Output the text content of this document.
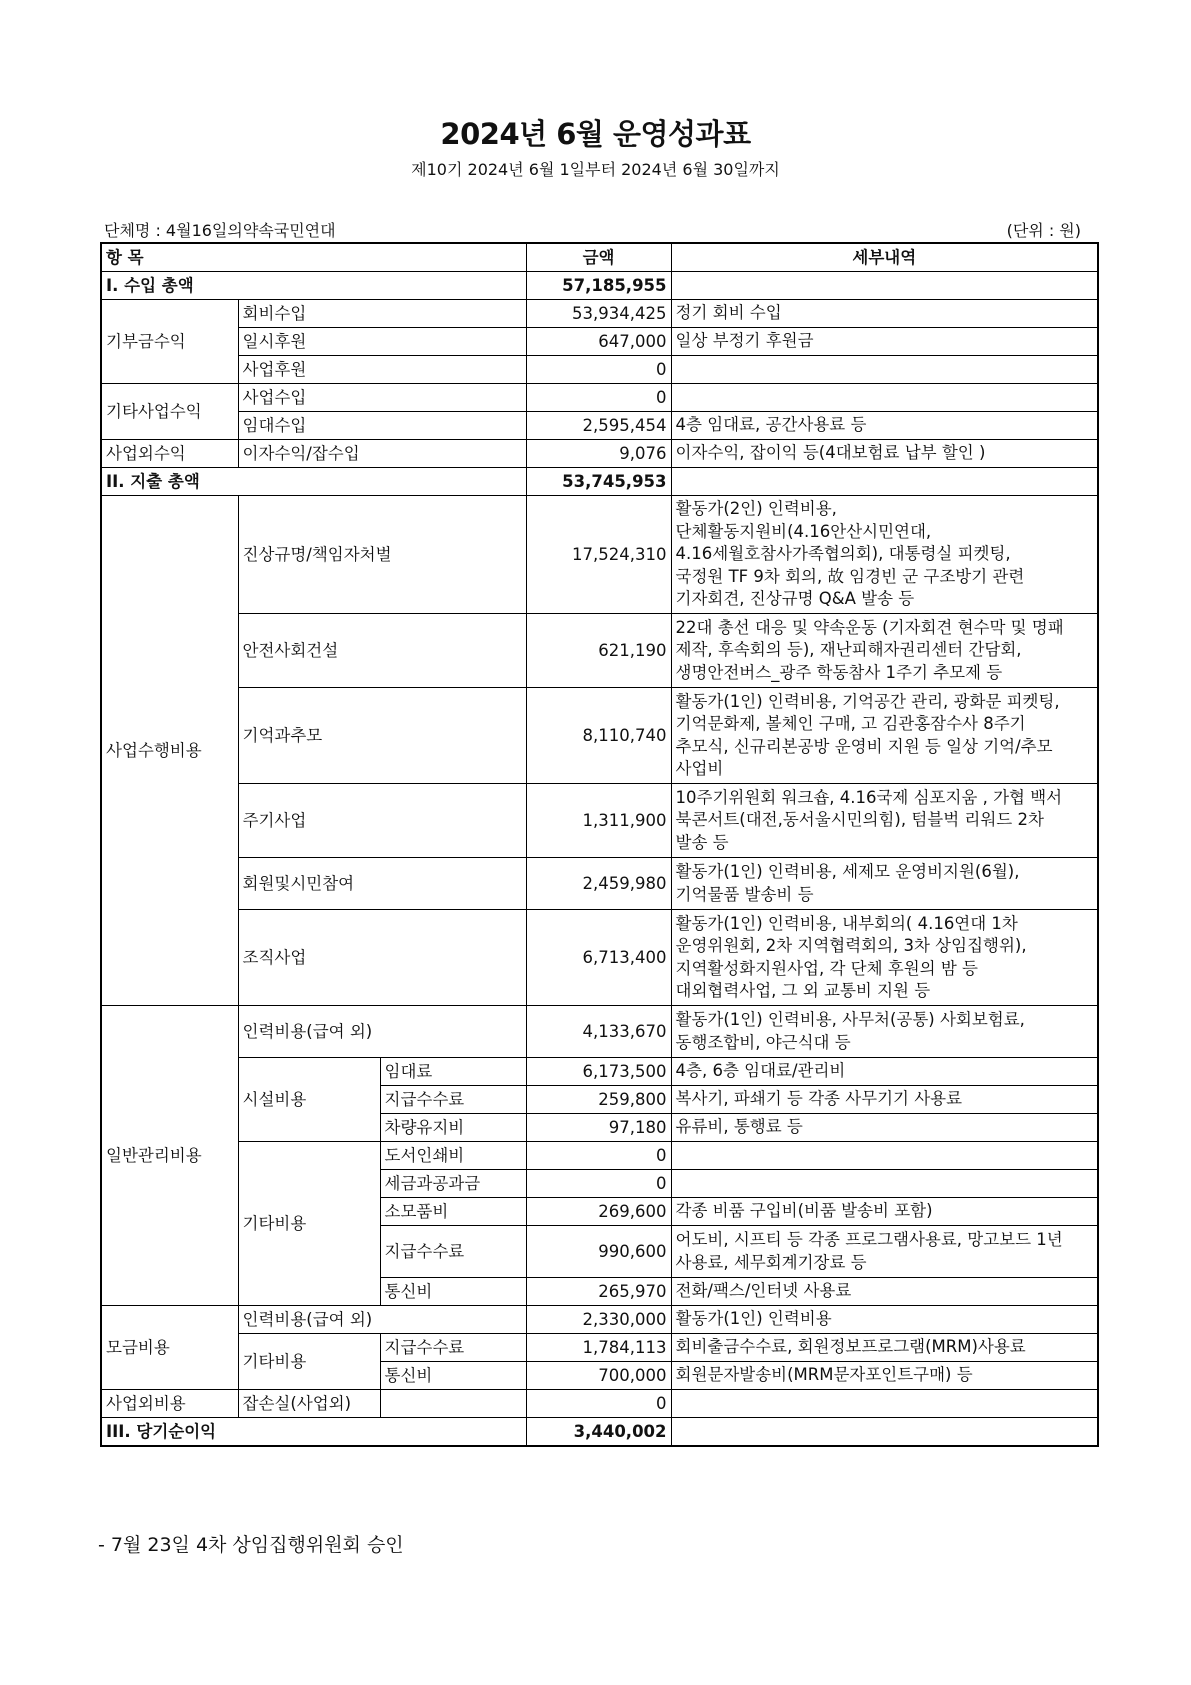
2024년 6월 운영성과표
제10기 2024년 6월 1일부터 2024년 6월 30일까지
단체명 : 4월16일의약속국민연대	(단위 : 원)
항 목			금액	세부내역
I. 수입 총액			57,185,955	
기부금수익	회비수입		53,934,425	정기 회비 수입
	일시후원		647,000	일상 부정기 후원금
	사업후원		0	
기타사업수익	사업수입		0	
	임대수입		2,595,454	4층 임대료, 공간사용료 등
사업외수익	이자수익/잡수입		9,076	이자수익, 잡이익 등(4대보험료 납부 할인 )
II. 지출 총액			53,745,953	
사업수행비용	진상규명/책임자처벌		17,524,310	활동가(2인) 인력비용,
단체활동지원비(4.16안산시민연대,
4.16세월호참사가족협의회), 대통령실 피켓팅,
국정원 TF 9차 회의, 故 임경빈 군 구조방기 관련
기자회견, 진상규명 Q&A 발송 등
	안전사회건설		621,190	22대 총선 대응 및 약속운동 (기자회견 현수막 및 명패
제작, 후속회의 등), 재난피해자권리센터 간담회,
생명안전버스_광주 학동참사 1주기 추모제 등
	기억과추모		8,110,740	활동가(1인) 인력비용, 기억공간 관리, 광화문 피켓팅,
기억문화제, 볼체인 구매, 고 김관홍잠수사 8주기
추모식, 신규리본공방 운영비 지원 등 일상 기억/추모
사업비
	주기사업		1,311,900	10주기위원회 워크숍, 4.16국제 심포지움 , 가협 백서
북콘서트(대전,동서울시민의힘), 텀블벅 리워드 2차
발송 등
	회원및시민참여		2,459,980	활동가(1인) 인력비용, 세제모 운영비지원(6월),
기억물품 발송비 등
	조직사업		6,713,400	활동가(1인) 인력비용, 내부회의( 4.16연대 1차
운영위원회, 2차 지역협력회의, 3차 상임집행위),
지역활성화지원사업, 각 단체 후원의 밤 등
대외협력사업, 그 외 교통비 지원 등
일반관리비용	인력비용(급여 외)		4,133,670	활동가(1인) 인력비용, 사무처(공통) 사회보험료,
동행조합비, 야근식대 등
	시설비용	임대료	6,173,500	4층, 6층 임대료/관리비
		지급수수료	259,800	복사기, 파쇄기 등 각종 사무기기 사용료
		차량유지비	97,180	유류비, 통행료 등
	기타비용	도서인쇄비	0	
		세금과공과금	0	
		소모품비	269,600	각종 비품 구입비(비품 발송비 포함)
		지급수수료	990,600	어도비, 시프티 등 각종 프로그램사용료, 망고보드 1년
사용료, 세무회계기장료 등
		통신비	265,970	전화/팩스/인터넷 사용료
모금비용	인력비용(급여 외)		2,330,000	활동가(1인) 인력비용
	기타비용	지급수수료	1,784,113	회비출금수수료, 회원정보프로그램(MRM)사용료
		통신비	700,000	회원문자발송비(MRM문자포인트구매) 등
사업외비용	잡손실(사업외)		0	
III. 당기순이익			3,440,002	
- 7월 23일 4차 상임집행위원회 승인
